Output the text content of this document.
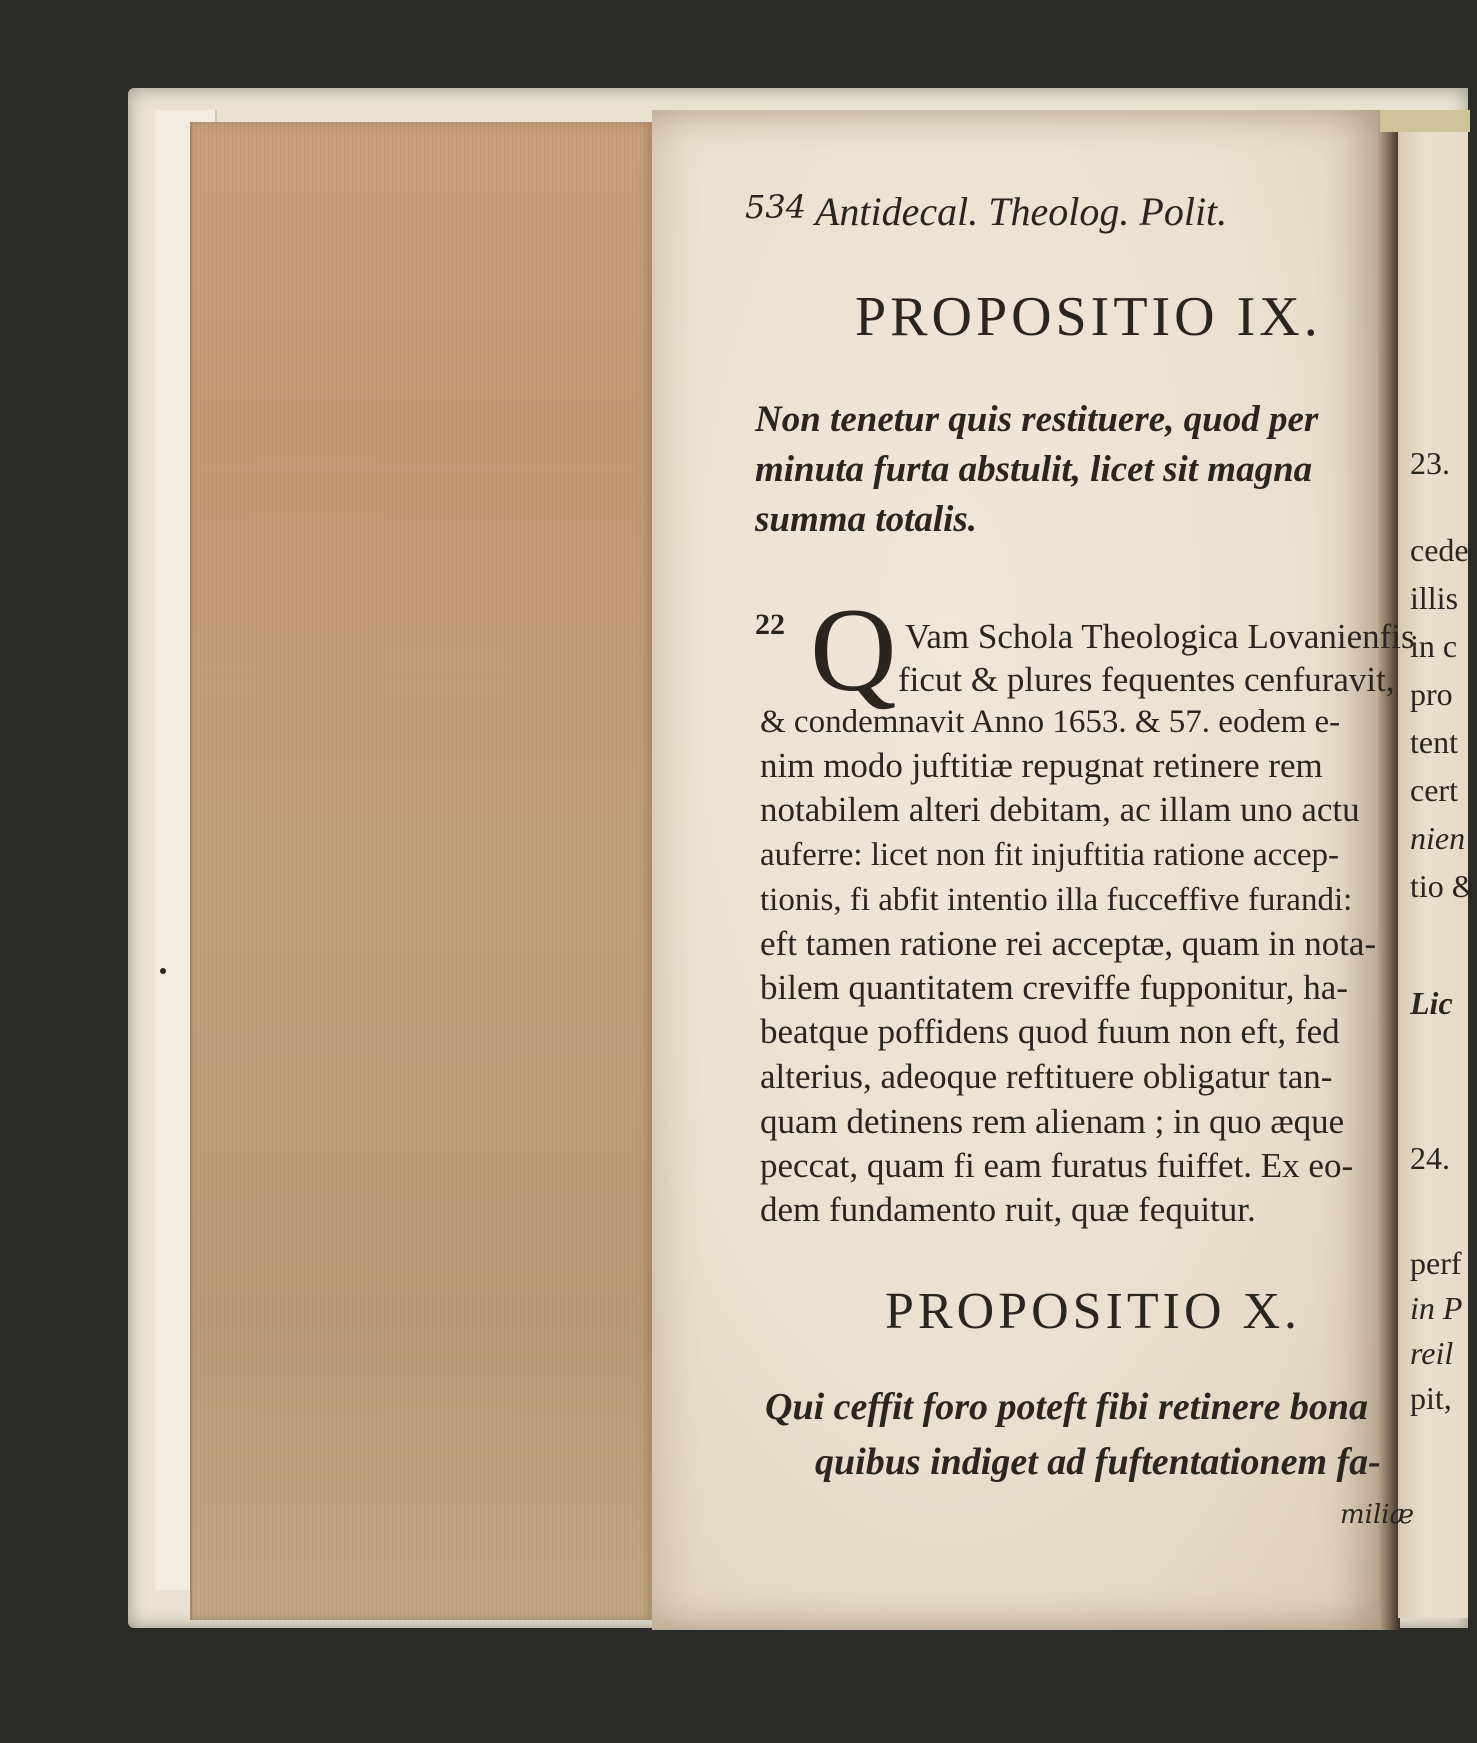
534 Antidecal. Theolog. Polit.
PROPOSITIO IX.
Non tenetur quis restituere, quod per minuta furta abstulit, licet sit magna summa totalis.
22 Q Vam Schola Theologica Lovanienfis
ficut & plures fequentes cenfuravit,
& condemnavit Anno 1653. & 57. eodem e-
nim modo juftitiæ repugnat retinere rem
notabilem alteri debitam, ac illam uno actu
auferre: licet non fit injuftitia ratione accep-
tionis, fi abfit intentio illa fucceffive furandi:
eft tamen ratione rei acceptæ, quam in nota-
bilem quantitatem creviffe fupponitur, ha-
beatque poffidens quod fuum non eft, fed
alterius, adeoque reftituere obligatur tan-
quam detinens rem alienam ; in quo æque
peccat, quam fi eam furatus fuiffet. Ex eo-
dem fundamento ruit, quæ fequitur.
PROPOSITIO X.
Qui ceffit foro poteft fibi retinere bona
quibus indiget ad fuftentationem fa-
miliæ
23.
cede
illis
in c
pro
tent
cert
nien
tio &
Lic
24.
perf
in P
reil
pit,
